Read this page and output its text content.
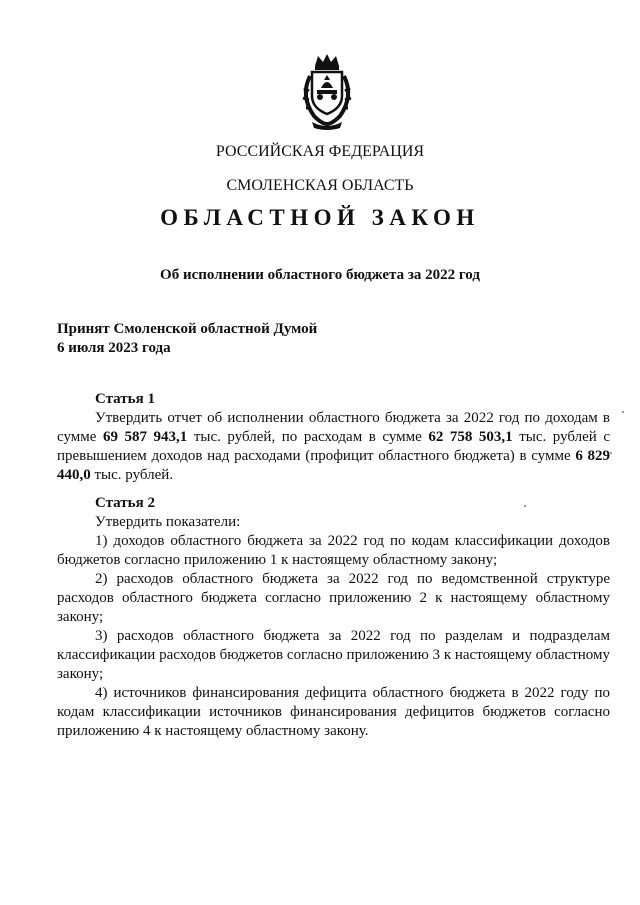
РОССИЙСКАЯ ФЕДЕРАЦИЯ
СМОЛЕНСКАЯ ОБЛАСТЬ
ОБЛАСТНОЙ ЗАКОН
Об исполнении областного бюджета за 2022 год
Принят Смоленской областной Думой
6 июля 2023 года
Статья 1

Утвердить отчет об исполнении областного бюджета за 2022 год по доходам в сумме 69 587 943,1 тыс. рублей, по расходам в сумме 62 758 503,1 тыс. рублей с превышением доходов над расходами (профицит областного бюджета) в сумме 6 829 440,0 тыс. рублей.

Статья 2

Утвердить показатели:

1) доходов областного бюджета за 2022 год по кодам классификации доходов бюджетов согласно приложению 1 к настоящему областному закону;

2) расходов областного бюджета за 2022 год по ведомственной структуре расходов областного бюджета согласно приложению 2 к настоящему областному закону;

3) расходов областного бюджета за 2022 год по разделам и подразделам классификации расходов бюджетов согласно приложению 3 к настоящему областному закону;

4) источников финансирования дефицита областного бюджета в 2022 году по кодам классификации источников финансирования дефицитов бюджетов согласно приложению 4 к настоящему областному закону.
